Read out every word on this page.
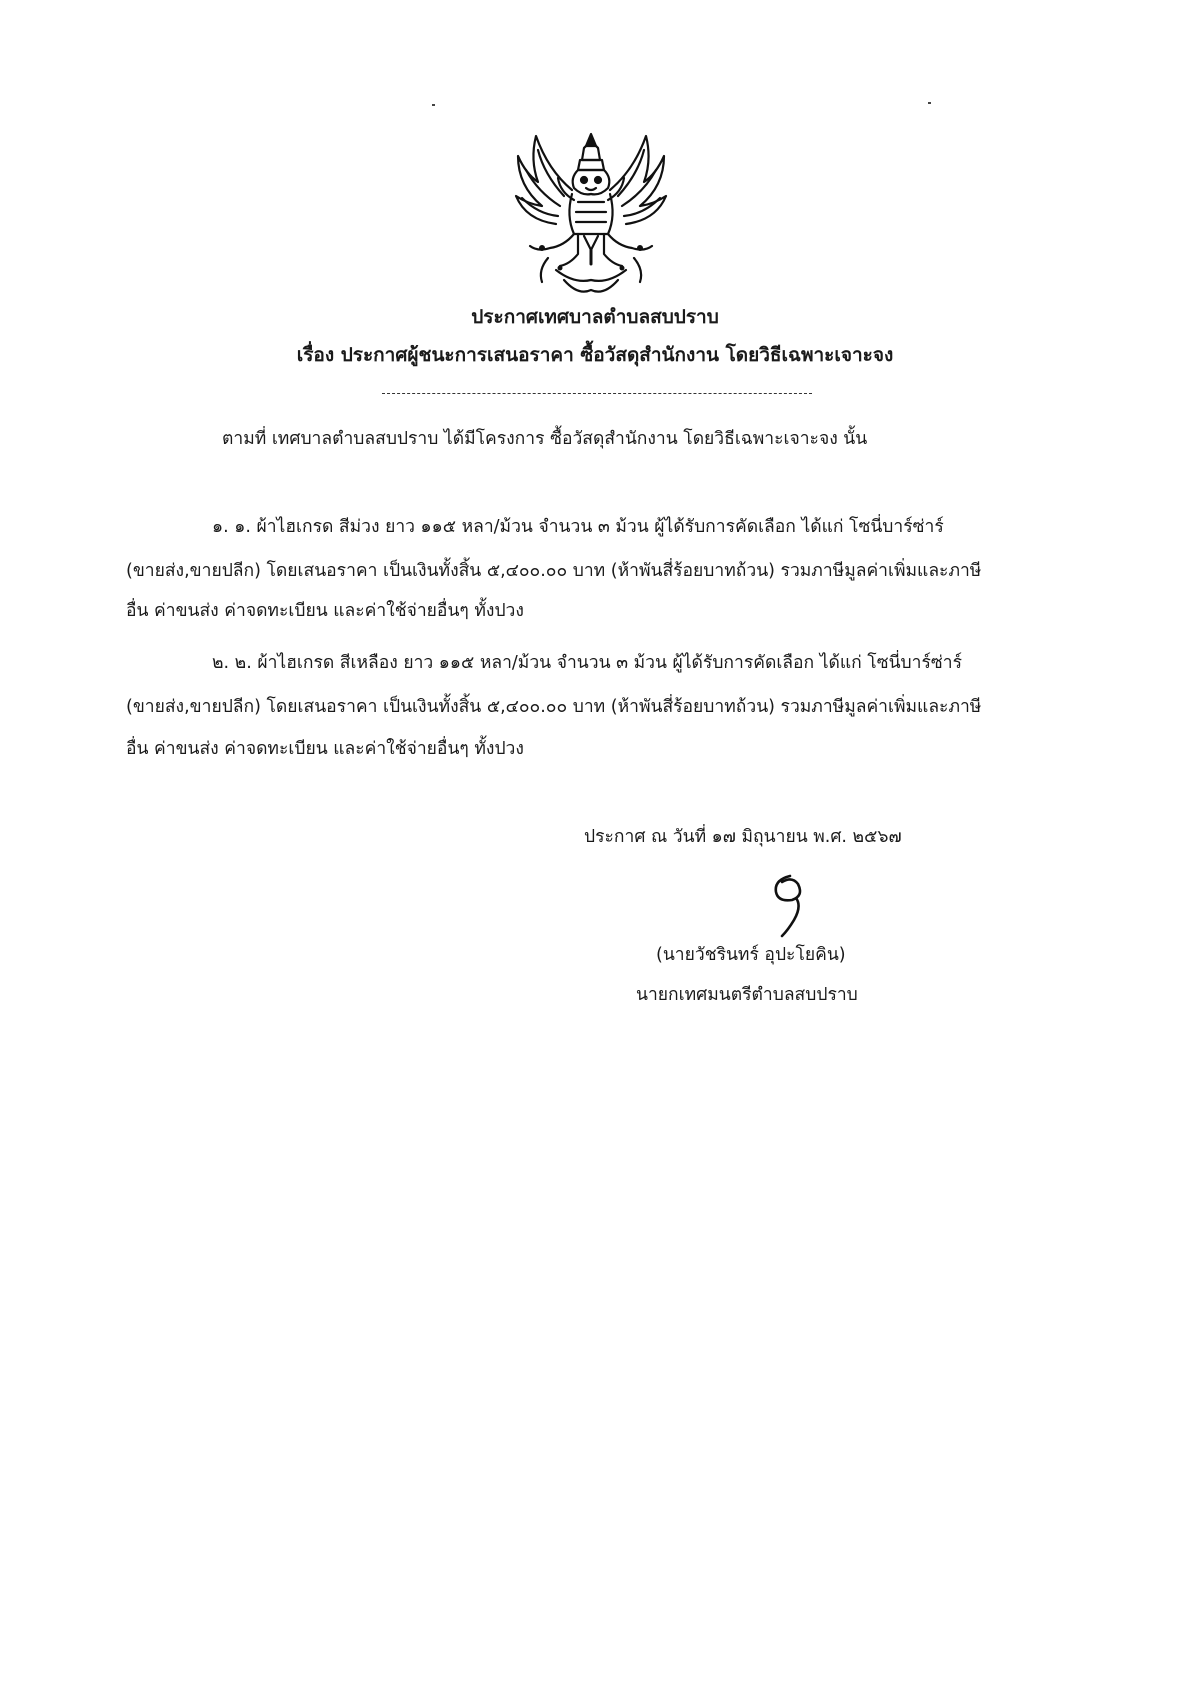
ประกาศเทศบาลตำบลสบปราบ
เรื่อง ประกาศผู้ชนะการเสนอราคา ซื้อวัสดุสำนักงาน โดยวิธีเฉพาะเจาะจง
ตามที่ เทศบาลตำบลสบปราบ ได้มีโครงการ ซื้อวัสดุสำนักงาน โดยวิธีเฉพาะเจาะจง นั้น
๑. ๑. ผ้าไฮเกรด สีม่วง ยาว ๑๑๕ หลา/ม้วน จำนวน ๓ ม้วน ผู้ได้รับการคัดเลือก ได้แก่ โซนี่บาร์ซ่าร์
(ขายส่ง,ขายปลีก) โดยเสนอราคา เป็นเงินทั้งสิ้น ๕,๔๐๐.๐๐ บาท (ห้าพันสี่ร้อยบาทถ้วน) รวมภาษีมูลค่าเพิ่มและภาษี
อื่น ค่าขนส่ง ค่าจดทะเบียน และค่าใช้จ่ายอื่นๆ ทั้งปวง
๒. ๒. ผ้าไฮเกรด สีเหลือง ยาว ๑๑๕ หลา/ม้วน จำนวน ๓ ม้วน ผู้ได้รับการคัดเลือก ได้แก่ โซนี่บาร์ซ่าร์
(ขายส่ง,ขายปลีก) โดยเสนอราคา เป็นเงินทั้งสิ้น ๕,๔๐๐.๐๐ บาท (ห้าพันสี่ร้อยบาทถ้วน) รวมภาษีมูลค่าเพิ่มและภาษี
อื่น ค่าขนส่ง ค่าจดทะเบียน และค่าใช้จ่ายอื่นๆ ทั้งปวง
ประกาศ ณ วันที่ ๑๗ มิถุนายน พ.ศ. ๒๕๖๗
(นายวัชรินทร์ อุปะโยคิน)
นายกเทศมนตรีตำบลสบปราบ
